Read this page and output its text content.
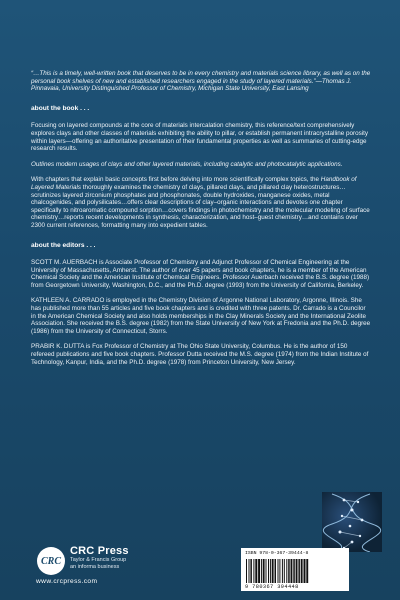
“…This is a timely, well-written book that deserves to be in every chemistry and materials science library, as well as on the personal book shelves of new and established researchers engaged in the study of layered materials.”—Thomas J. Pinnavaia, University Distinguished Professor of Chemistry, Michigan State University, East Lansing

about the book . . .

Focusing on layered compounds at the core of materials intercalation chemistry, this reference/text comprehensively explores clays and other classes of materials exhibiting the ability to pillar, or establish permanent intracrystalline porosity within layers—offering an authoritative presentation of their fundamental properties as well as summaries of cutting-edge research results.

Outlines modern usages of clays and other layered materials, including catalytic and photocatalytic applications.

With chapters that explain basic concepts first before delving into more scientifically complex topics, the Handbook of Layered Materials thoroughly examines the chemistry of clays, pillared clays, and pillared clay heterostructures…scrutinizes layered zirconium phosphates and phosphonates, double hydroxides, manganese oxides, metal chalcogenides, and polysilicates…offers clear descriptions of clay–organic interactions and devotes one chapter specifically to nitroaromatic compound sorption…covers findings in photochemistry and the molecular modeling of surface chemistry…reports recent developments in synthesis, characterization, and host–guest chemistry…and contains over 2300 current references, formatting many into expedient tables.

about the editors . . .

SCOTT M. AUERBACH is Associate Professor of Chemistry and Adjunct Professor of Chemical Engineering at the University of Massachusetts, Amherst. The author of over 45 papers and book chapters, he is a member of the American Chemical Society and the American Institute of Chemical Engineers. Professor Auerbach received the B.S. degree (1988) from Georgetown University, Washington, D.C., and the Ph.D. degree (1993) from the University of California, Berkeley.

KATHLEEN A. CARRADO is employed in the Chemistry Division of Argonne National Laboratory, Argonne, Illinois. She has published more than 55 articles and five book chapters and is credited with three patents. Dr. Carrado is a Councilor in the American Chemical Society and also holds memberships in the Clay Minerals Society and the International Zeolite Association. She received the B.S. degree (1982) from the State University of New York at Fredonia and the Ph.D. degree (1986) from the University of Connecticut, Storrs.

PRABIR K. DUTTA is Fox Professor of Chemistry at The Ohio State University, Columbus. He is the author of 150 refereed publications and five book chapters. Professor Dutta received the M.S. degree (1974) from the Indian Institute of Technology, Kanpur, India, and the Ph.D. degree (1978) from Princeton University, New Jersey.

CRC
CRC Press
Taylor & Francis Group
an informa business
www.crcpress.com
ISBN 978-0-367-39444-8
9 780367 394448
